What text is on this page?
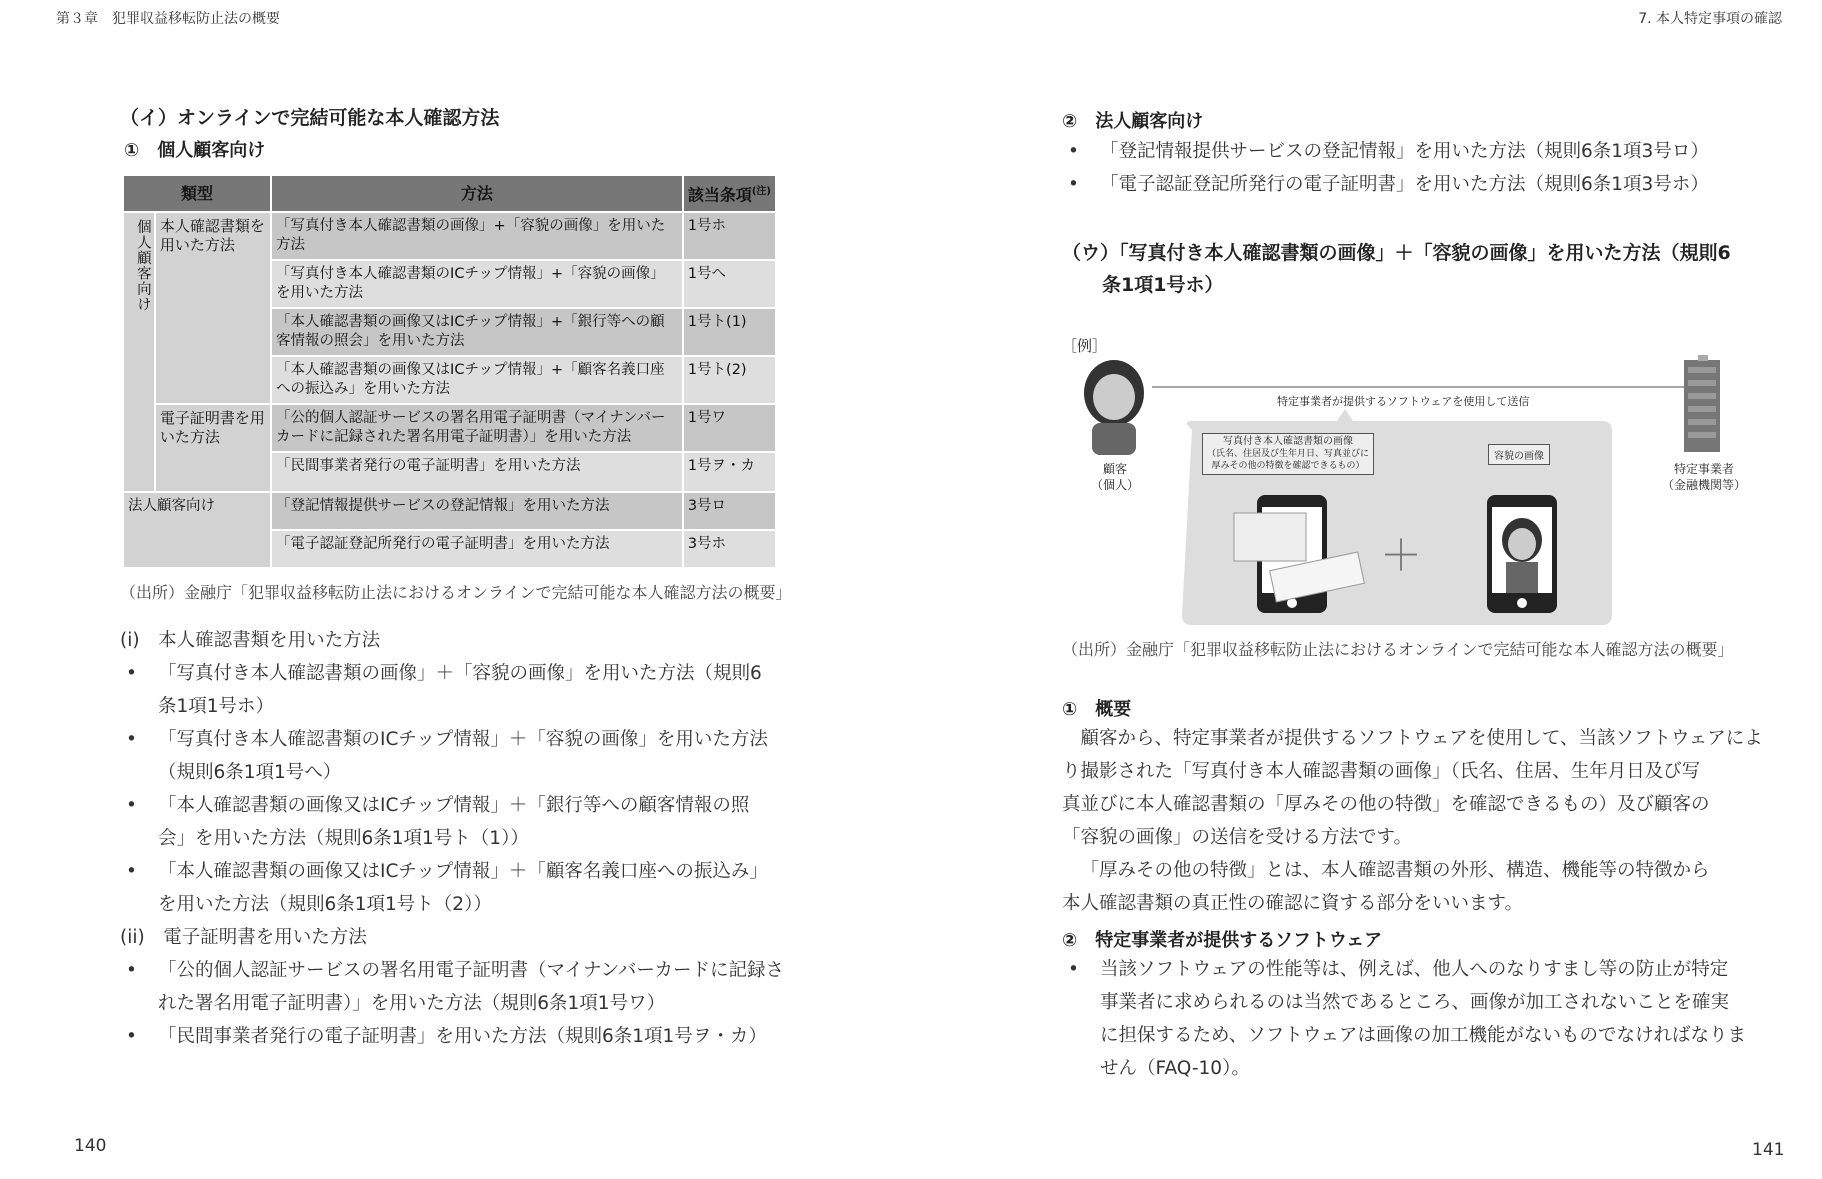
第３章　犯罪収益移転防止法の概要
（イ）オンラインで完結可能な本人確認方法
①　個人顧客向け
類型		方法	該当条項$^{(注)}$
個人顧客向け	本人確認書類を用いた方法	「写真付き本人確認書類の画像」+「容貌の画像」を用いた方法	1号ホ
		「写真付き本人確認書類のICチップ情報」+「容貌の画像」を用いた方法	1号へ
		「本人確認書類の画像又はICチップ情報」+「銀行等への顧客情報の照会」を用いた方法	1号ト(1)
		「本人確認書類の画像又はICチップ情報」+「顧客名義口座への振込み」を用いた方法	1号ト(2)
	電子証明書を用いた方法	「公的個人認証サービスの署名用電子証明書（マイナンバーカードに記録された署名用電子証明書）」を用いた方法	1号ワ
		「民間事業者発行の電子証明書」を用いた方法	1号ヲ・カ
法人顧客向け		「登記情報提供サービスの登記情報」を用いた方法	3号ロ
		「電子認証登記所発行の電子証明書」を用いた方法	3号ホ
（出所）金融庁「犯罪収益移転防止法におけるオンラインで完結可能な本人確認方法の概要」
(i)　本人確認書類を用いた方法
• 「写真付き本人確認書類の画像」＋「容貌の画像」を用いた方法（規則6
条1項1号ホ）
• 「写真付き本人確認書類のICチップ情報」＋「容貌の画像」を用いた方法
（規則6条1項1号へ）
• 「本人確認書類の画像又はICチップ情報」＋「銀行等への顧客情報の照
会」を用いた方法（規則6条1項1号ト（1））
• 「本人確認書類の画像又はICチップ情報」＋「顧客名義口座への振込み」
を用いた方法（規則6条1項1号ト（2））
(ii)　電子証明書を用いた方法
• 「公的個人認証サービスの署名用電子証明書（マイナンバーカードに記録さ
れた署名用電子証明書）」を用いた方法（規則6条1項1号ワ）
• 「民間事業者発行の電子証明書」を用いた方法（規則6条1項1号ヲ・カ）
140
7. 本人特定事項の確認
②　法人顧客向け
• 「登記情報提供サービスの登記情報」を用いた方法（規則6条1項3号ロ）
• 「電子認証登記所発行の電子証明書」を用いた方法（規則6条1項3号ホ）
（ウ）「写真付き本人確認書類の画像」＋「容貌の画像」を用いた方法（規則6
条1項1号ホ）
［例］
特定事業者が提供するソフトウェアを使用して送信
顧客
（個人）
特定事業者
（金融機関等）
写真付き本人確認書類の画像
（氏名、住居及び生年月日、写真並びに
厚みその他の特徴を確認できるもの）
容貌の画像
＋
（出所）金融庁「犯罪収益移転防止法におけるオンラインで完結可能な本人確認方法の概要」
①　概要
顧客から、特定事業者が提供するソフトウェアを使用して、当該ソフトウェアによ
り撮影された「写真付き本人確認書類の画像」（氏名、住居、生年月日及び写
真並びに本人確認書類の「厚みその他の特徴」を確認できるもの）及び顧客の
「容貌の画像」の送信を受ける方法です。
「厚みその他の特徴」とは、本人確認書類の外形、構造、機能等の特徴から
本人確認書類の真正性の確認に資する部分をいいます。
②　特定事業者が提供するソフトウェア
• 当該ソフトウェアの性能等は、例えば、他人へのなりすまし等の防止が特定
事業者に求められるのは当然であるところ、画像が加工されないことを確実
に担保するため、ソフトウェアは画像の加工機能がないものでなければなりま
せん（FAQ-10）。
141
